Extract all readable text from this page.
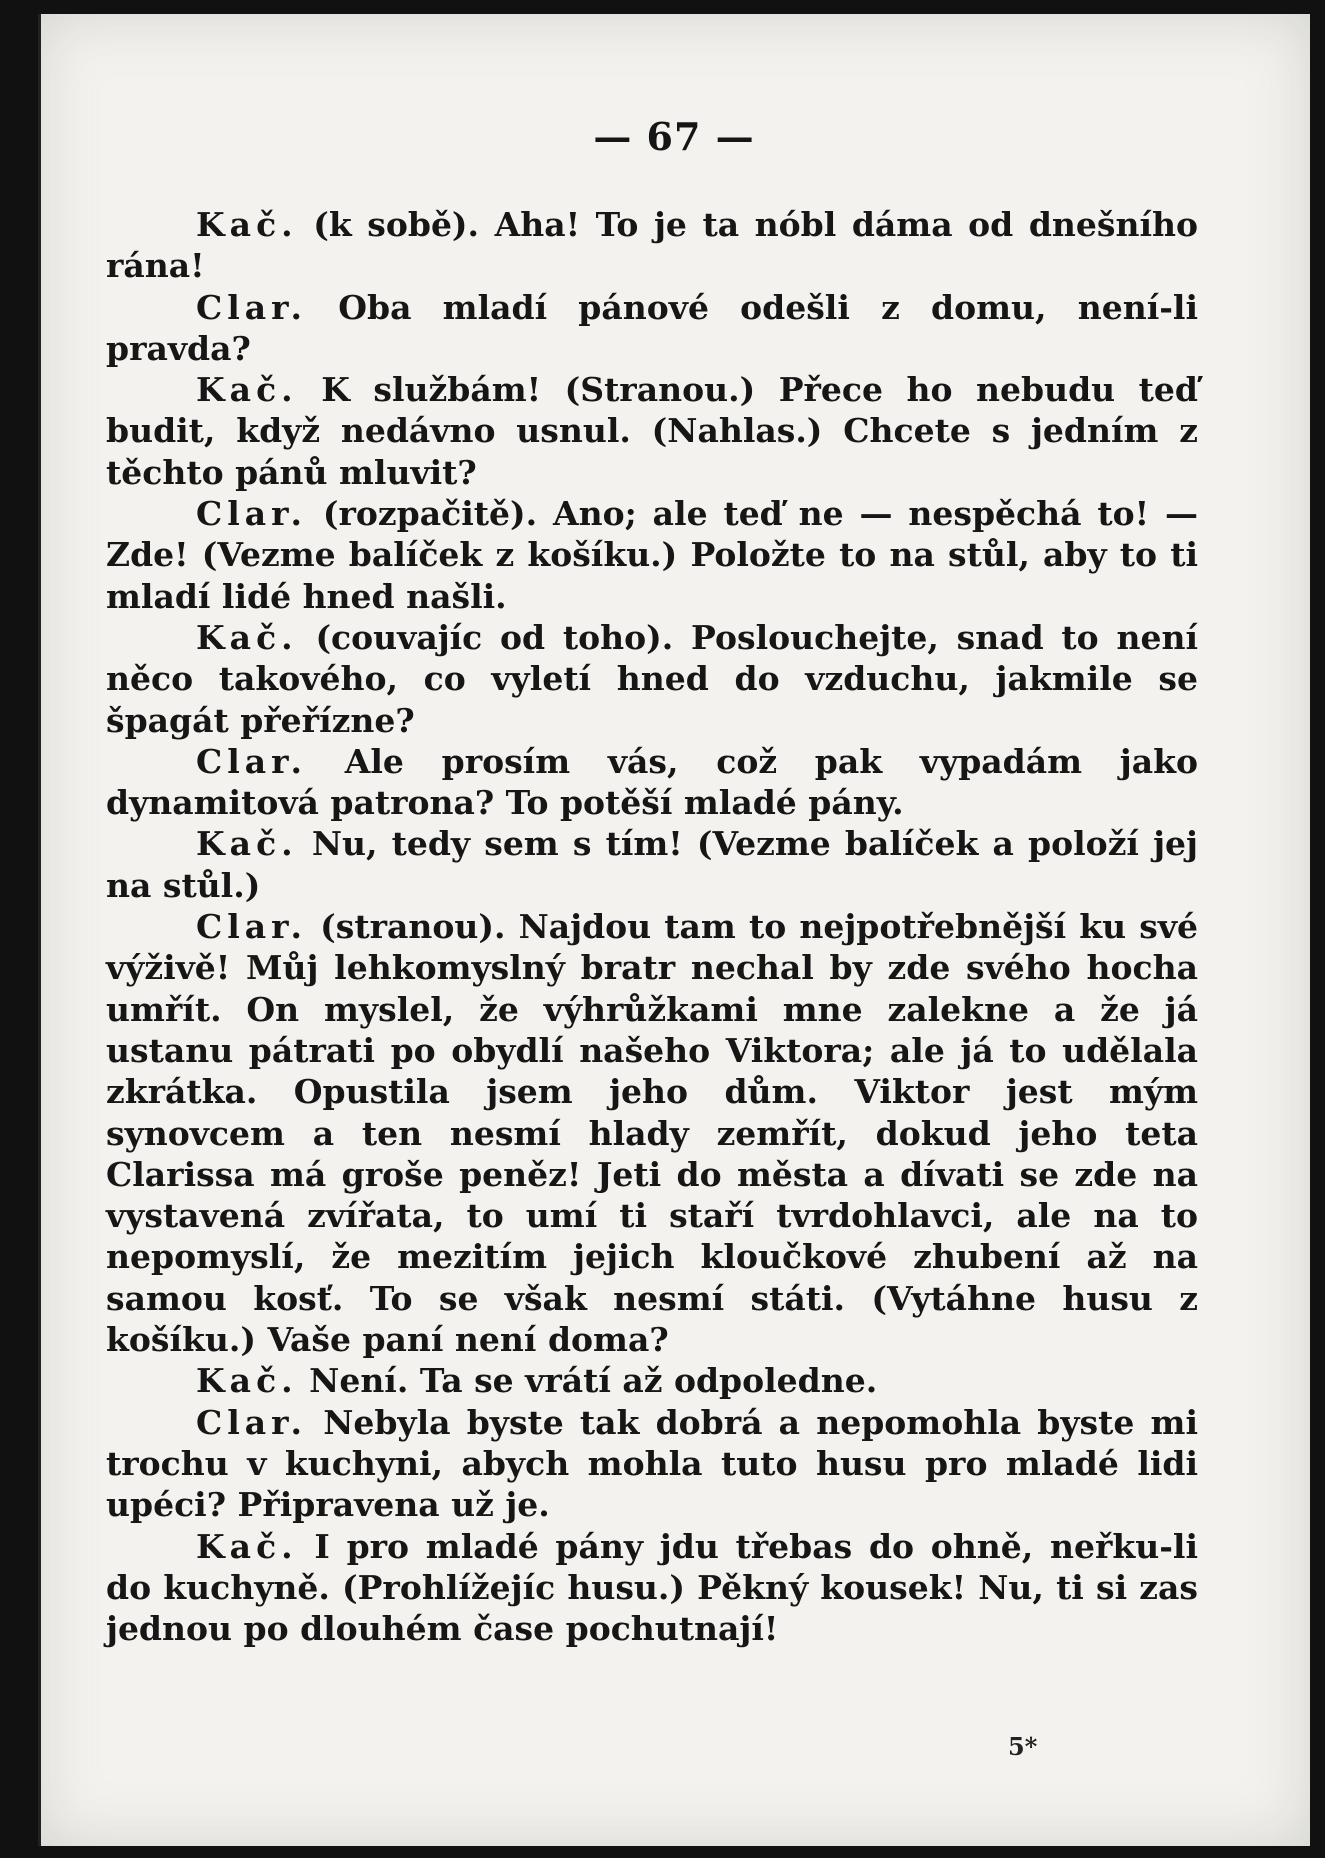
— 67 —

Kač. (k sobě). Aha! To je ta nóbl dáma od dnešního rána!

Clar. Oba mladí pánové odešli z domu, není-li pravda?

Kač. K službám! (Stranou.) Přece ho nebudu teď budit, když nedávno usnul. (Nahlas.) Chcete s jedním z těchto pánů mluvit?

Clar. (rozpačitě). Ano; ale teď ne — nespěchá to! — Zde! (Vezme balíček z košíku.) Položte to na stůl, aby to ti mladí lidé hned našli.

Kač. (couvajíc od toho). Poslouchejte, snad to není něco takového, co vyletí hned do vzduchu, jakmile se špagát přeřízne?

Clar. Ale prosím vás, což pak vypadám jako dynamitová patrona? To potěší mladé pány.

Kač. Nu, tedy sem s tím! (Vezme balíček a položí jej na stůl.)

Clar. (stranou). Najdou tam to nejpotřebnější ku své výživě! Můj lehkomyslný bratr nechal by zde svého hocha umřít. On myslel, že výhrůžkami mne zalekne a že já ustanu pátrati po obydlí našeho Viktora; ale já to udělala zkrátka. Opustila jsem jeho dům. Viktor jest mým synovcem a ten nesmí hlady zemřít, dokud jeho teta Clarissa má groše peněz! Jeti do města a dívati se zde na vystavená zvířata, to umí ti staří tvrdohlavci, ale na to nepomyslí, že mezitím jejich kloučkové zhubení až na samou kosť. To se však nesmí státi. (Vytáhne husu z košíku.) Vaše paní není doma?

Kač. Není. Ta se vrátí až odpoledne.

Clar. Nebyla byste tak dobrá a nepomohla byste mi trochu v kuchyni, abych mohla tuto husu pro mladé lidi upéci? Připravena už je.

Kač. I pro mladé pány jdu třebas do ohně, neřku-li do kuchyně. (Prohlížejíc husu.) Pěkný kousek! Nu, ti si zas jednou po dlouhém čase pochutnají!

5*
